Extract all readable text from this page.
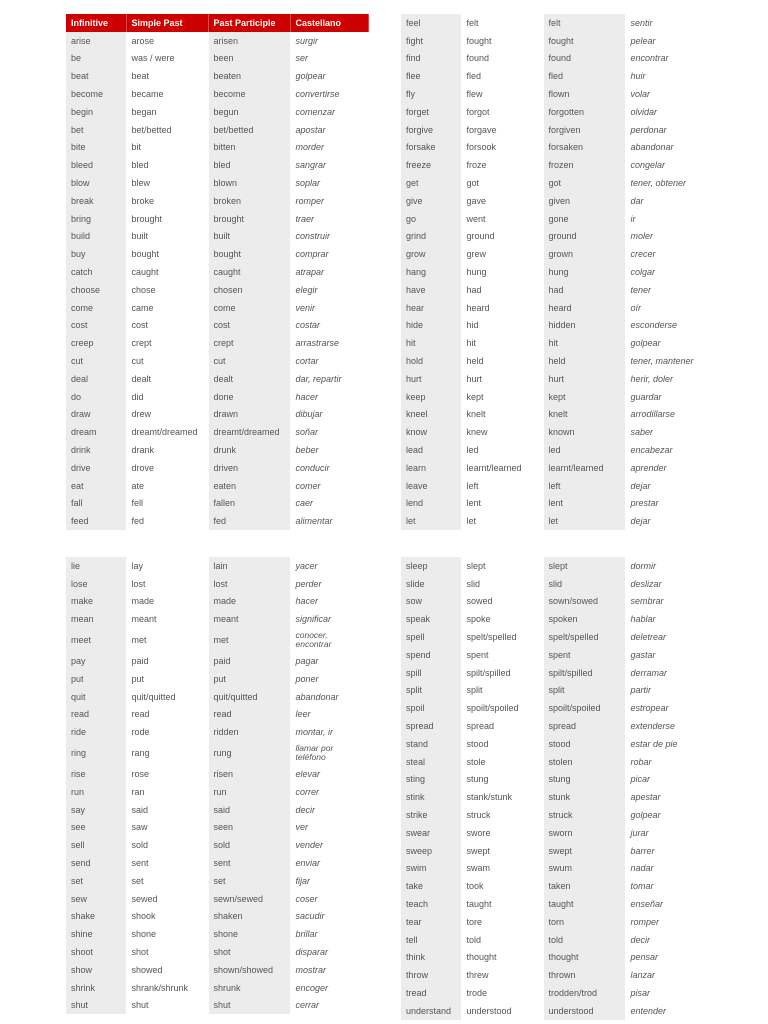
Infinitive	Simple Past	Past Participle	Castellano
arise	arose	arisen	surgir
be	was / were	been	ser
beat	beat	beaten	golpear
become	became	become	convertirse
begin	began	begun	comenzar
bet	bet/betted	bet/betted	apostar
bite	bit	bitten	morder
bleed	bled	bled	sangrar
blow	blew	blown	soplar
break	broke	broken	romper
bring	brought	brought	traer
build	built	built	construir
buy	bought	bought	comprar
catch	caught	caught	atrapar
choose	chose	chosen	elegir
come	came	come	venir
cost	cost	cost	costar
creep	crept	crept	arrastrarse
cut	cut	cut	cortar
deal	dealt	dealt	dar, repartir
do	did	done	hacer
draw	drew	drawn	dibujar
dream	dreamt/dreamed	dreamt/dreamed	soñar
drink	drank	drunk	beber
drive	drove	driven	conducir
eat	ate	eaten	comer
fall	fell	fallen	caer
feed	fed	fed	alimentar
feel	felt	felt	sentir
fight	fought	fought	pelear
find	found	found	encontrar
flee	fled	fled	huir
fly	flew	flown	volar
forget	forgot	forgotten	olvidar
forgive	forgave	forgiven	perdonar
forsake	forsook	forsaken	abandonar
freeze	froze	frozen	congelar
get	got	got	tener, obtener
give	gave	given	dar
go	went	gone	ir
grind	ground	ground	moler
grow	grew	grown	crecer
hang	hung	hung	colgar
have	had	had	tener
hear	heard	heard	oír
hide	hid	hidden	esconderse
hit	hit	hit	golpear
hold	held	held	tener, mantener
hurt	hurt	hurt	herir, doler
keep	kept	kept	guardar
kneel	knelt	knelt	arrodillarse
know	knew	known	saber
lead	led	led	encabezar
learn	learnt/learned	learnt/learned	aprender
leave	left	left	dejar
lend	lent	lent	prestar
let	let	let	dejar
lie	lay	lain	yacer
lose	lost	lost	perder
make	made	made	hacer
mean	meant	meant	significar
meet	met	met	conocer, encontrar
pay	paid	paid	pagar
put	put	put	poner
quit	quit/quitted	quit/quitted	abandonar
read	read	read	leer
ride	rode	ridden	montar, ir
ring	rang	rung	llamar por teléfono
rise	rose	risen	elevar
run	ran	run	correr
say	said	said	decir
see	saw	seen	ver
sell	sold	sold	vender
send	sent	sent	enviar
set	set	set	fijar
sew	sewed	sewn/sewed	coser
shake	shook	shaken	sacudir
shine	shone	shone	brillar
shoot	shot	shot	disparar
show	showed	shown/showed	mostrar
shrink	shrank/shrunk	shrunk	encoger
shut	shut	shut	cerrar
sleep	slept	slept	dormir
slide	slid	slid	deslizar
sow	sowed	sown/sowed	sembrar
speak	spoke	spoken	hablar
spell	spelt/spelled	spelt/spelled	deletrear
spend	spent	spent	gastar
spill	spilt/spilled	spilt/spilled	derramar
split	split	split	partir
spoil	spoilt/spoiled	spoilt/spoiled	estropear
spread	spread	spread	extenderse
stand	stood	stood	estar de pie
steal	stole	stolen	robar
sting	stung	stung	picar
stink	stank/stunk	stunk	apestar
strike	struck	struck	golpear
swear	swore	sworn	jurar
sweep	swept	swept	barrer
swim	swam	swum	nadar
take	took	taken	tomar
teach	taught	taught	enseñar
tear	tore	torn	romper
tell	told	told	decir
think	thought	thought	pensar
throw	threw	thrown	lanzar
tread	trode	trodden/trod	pisar
understand	understood	understood	entender
